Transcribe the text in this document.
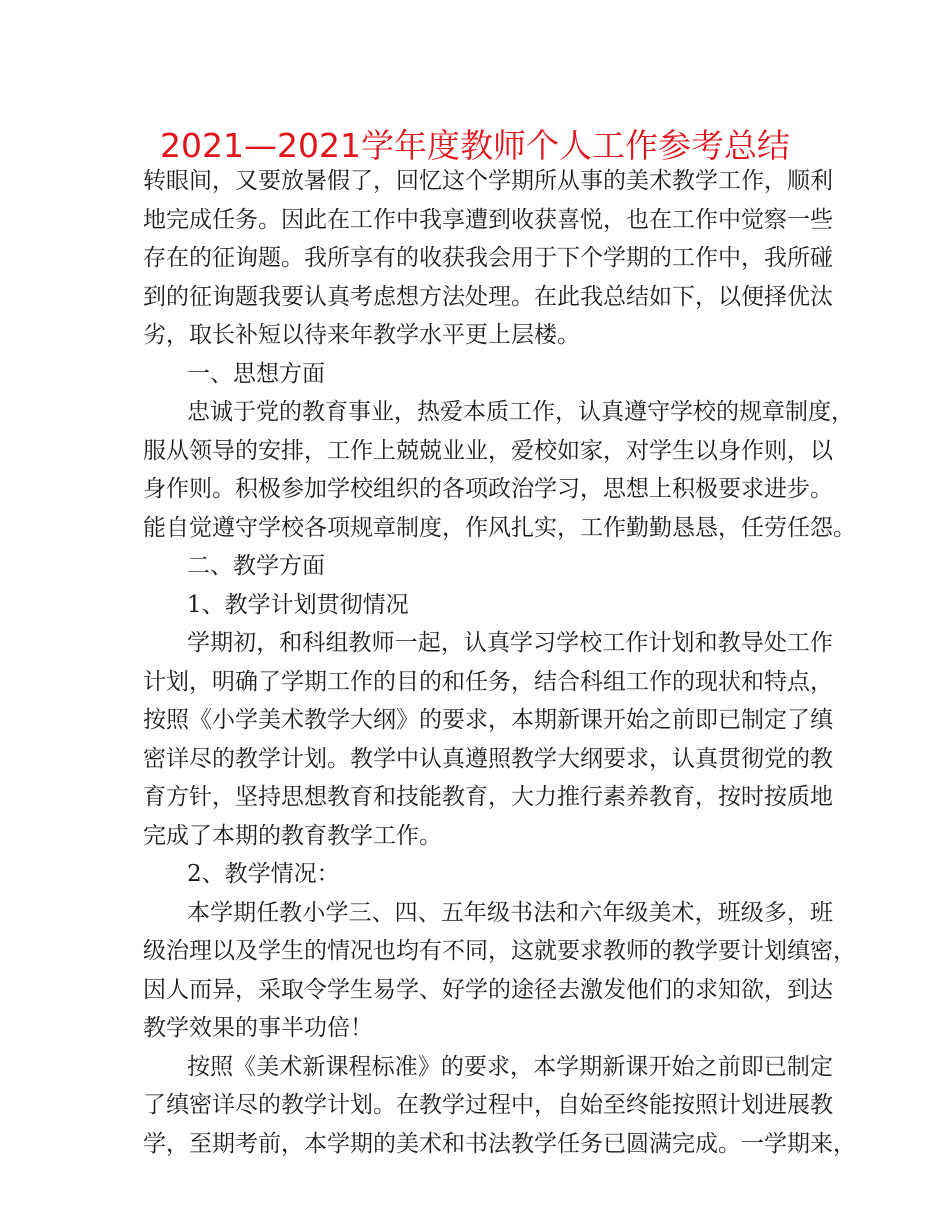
2021—2021学年度教师个人工作参考总结
转眼间，又要放暑假了，回忆这个学期所从事的美术教学工作，顺利
地完成任务。因此在工作中我享遭到收获喜悦，也在工作中觉察一些
存在的征询题。我所享有的收获我会用于下个学期的工作中，我所碰
到的征询题我要认真考虑想方法处理。在此我总结如下，以便择优汰
劣，取长补短以待来年教学水平更上层楼。
一、思想方面
忠诚于党的教育事业，热爱本质工作，认真遵守学校的规章制度，
服从领导的安排，工作上兢兢业业，爱校如家，对学生以身作则，以
身作则。积极参加学校组织的各项政治学习，思想上积极要求进步。
能自觉遵守学校各项规章制度，作风扎实，工作勤勤恳恳，任劳任怨。
二、教学方面
1、教学计划贯彻情况
学期初，和科组教师一起，认真学习学校工作计划和教导处工作
计划，明确了学期工作的目的和任务，结合科组工作的现状和特点，
按照《小学美术教学大纲》的要求，本期新课开始之前即已制定了缜
密详尽的教学计划。教学中认真遵照教学大纲要求，认真贯彻党的教
育方针，坚持思想教育和技能教育，大力推行素养教育，按时按质地
完成了本期的教育教学工作。
2、教学情况：
本学期任教小学三、四、五年级书法和六年级美术，班级多，班
级治理以及学生的情况也均有不同，这就要求教师的教学要计划缜密，
因人而异，采取令学生易学、好学的途径去激发他们的求知欲，到达
教学效果的事半功倍！
按照《美术新课程标准》的要求，本学期新课开始之前即已制定
了缜密详尽的教学计划。在教学过程中，自始至终能按照计划进展教
学，至期考前，本学期的美术和书法教学任务已圆满完成。一学期来，
